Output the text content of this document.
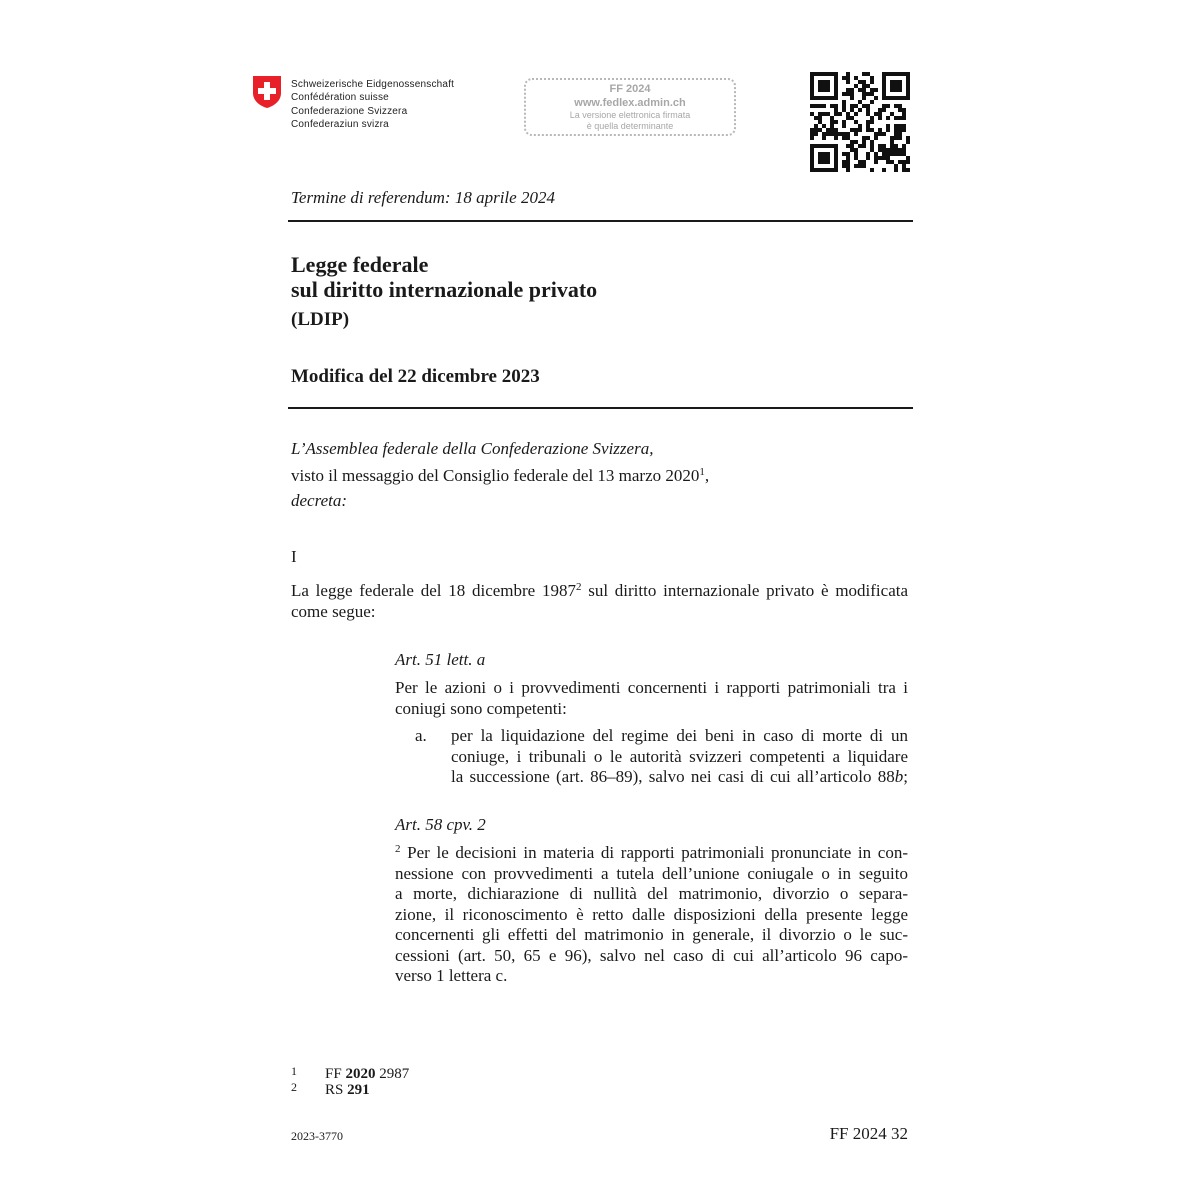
Schweizerische Eidgenossenschaft
Confédération suisse
Confederazione Svizzera
Confederaziun svizra
FF 2024
www.fedlex.admin.ch
La versione elettronica firmata
è quella determinante
Termine di referendum: 18 aprile 2024
Legge federale
sul diritto internazionale privato
(LDIP)
Modifica del 22 dicembre 2023
L’Assemblea federale della Confederazione Svizzera,
visto il messaggio del Consiglio federale del 13 marzo 2020$^1$,
decreta:
I
La legge federale del 18 dicembre 1987$^2$ sul diritto internazionale privato è modificata
come segue:
Art. 51 lett. a
Per le azioni o i provvedimenti concernenti i rapporti patrimoniali tra i
coniugi sono competenti:
a. per la liquidazione del regime dei beni in caso di morte di un
coniuge, i tribunali o le autorità svizzeri competenti a liquidare
la successione (art. 86–89), salvo nei casi di cui all’articolo 88b;
Art. 58 cpv. 2
$^2$ Per le decisioni in materia di rapporti patrimoniali pronunciate in con-
nessione con provvedimenti a tutela dell’unione coniugale o in seguito
a morte, dichiarazione di nullità del matrimonio, divorzio o separa-
zione, il riconoscimento è retto dalle disposizioni della presente legge
concernenti gli effetti del matrimonio in generale, il divorzio o le suc-
cessioni (art. 50, 65 e 96), salvo nel caso di cui all’articolo 96 capo-
verso 1 lettera c.
1 FF 2020 2987
2 RS 291
2023-3770	FF 2024 32
